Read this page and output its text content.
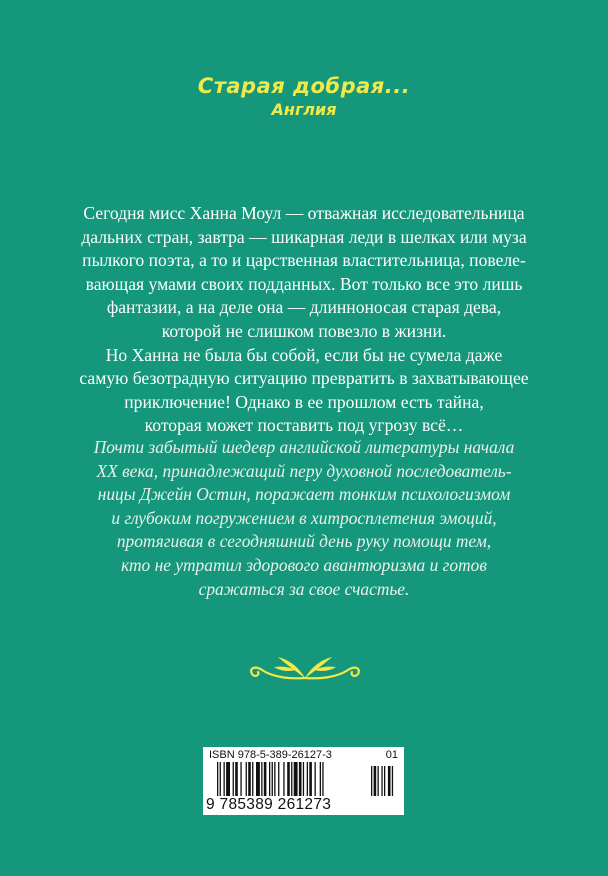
Старая добрая...
Англия
Сегодня мисс Ханна Моул — отважная исследовательница
дальних стран, завтра — шикарная леди в шелках или муза
пылкого поэта, а то и царственная властительница, повеле-
вающая умами своих подданных. Вот только все это лишь
фантазии, а на деле она — длинноносая старая дева,
которой не слишком повезло в жизни.
Но Ханна не была бы собой, если бы не сумела даже
самую безотрадную ситуацию превратить в захватывающее
приключение! Однако в ее прошлом есть тайна,
которая может поставить под угрозу всё…
Почти забытый шедевр английской литературы начала
XX века, принадлежащий перу духовной последователь-
ницы Джейн Остин, поражает тонким психологизмом
и глубоким погружением в хитросплетения эмоций,
протягивая в сегодняшний день руку помощи тем,
кто не утратил здорового авантюризма и готов
сражаться за свое счастье.
ISBN 978-5-389-26127-3	01
9 785389 261273
